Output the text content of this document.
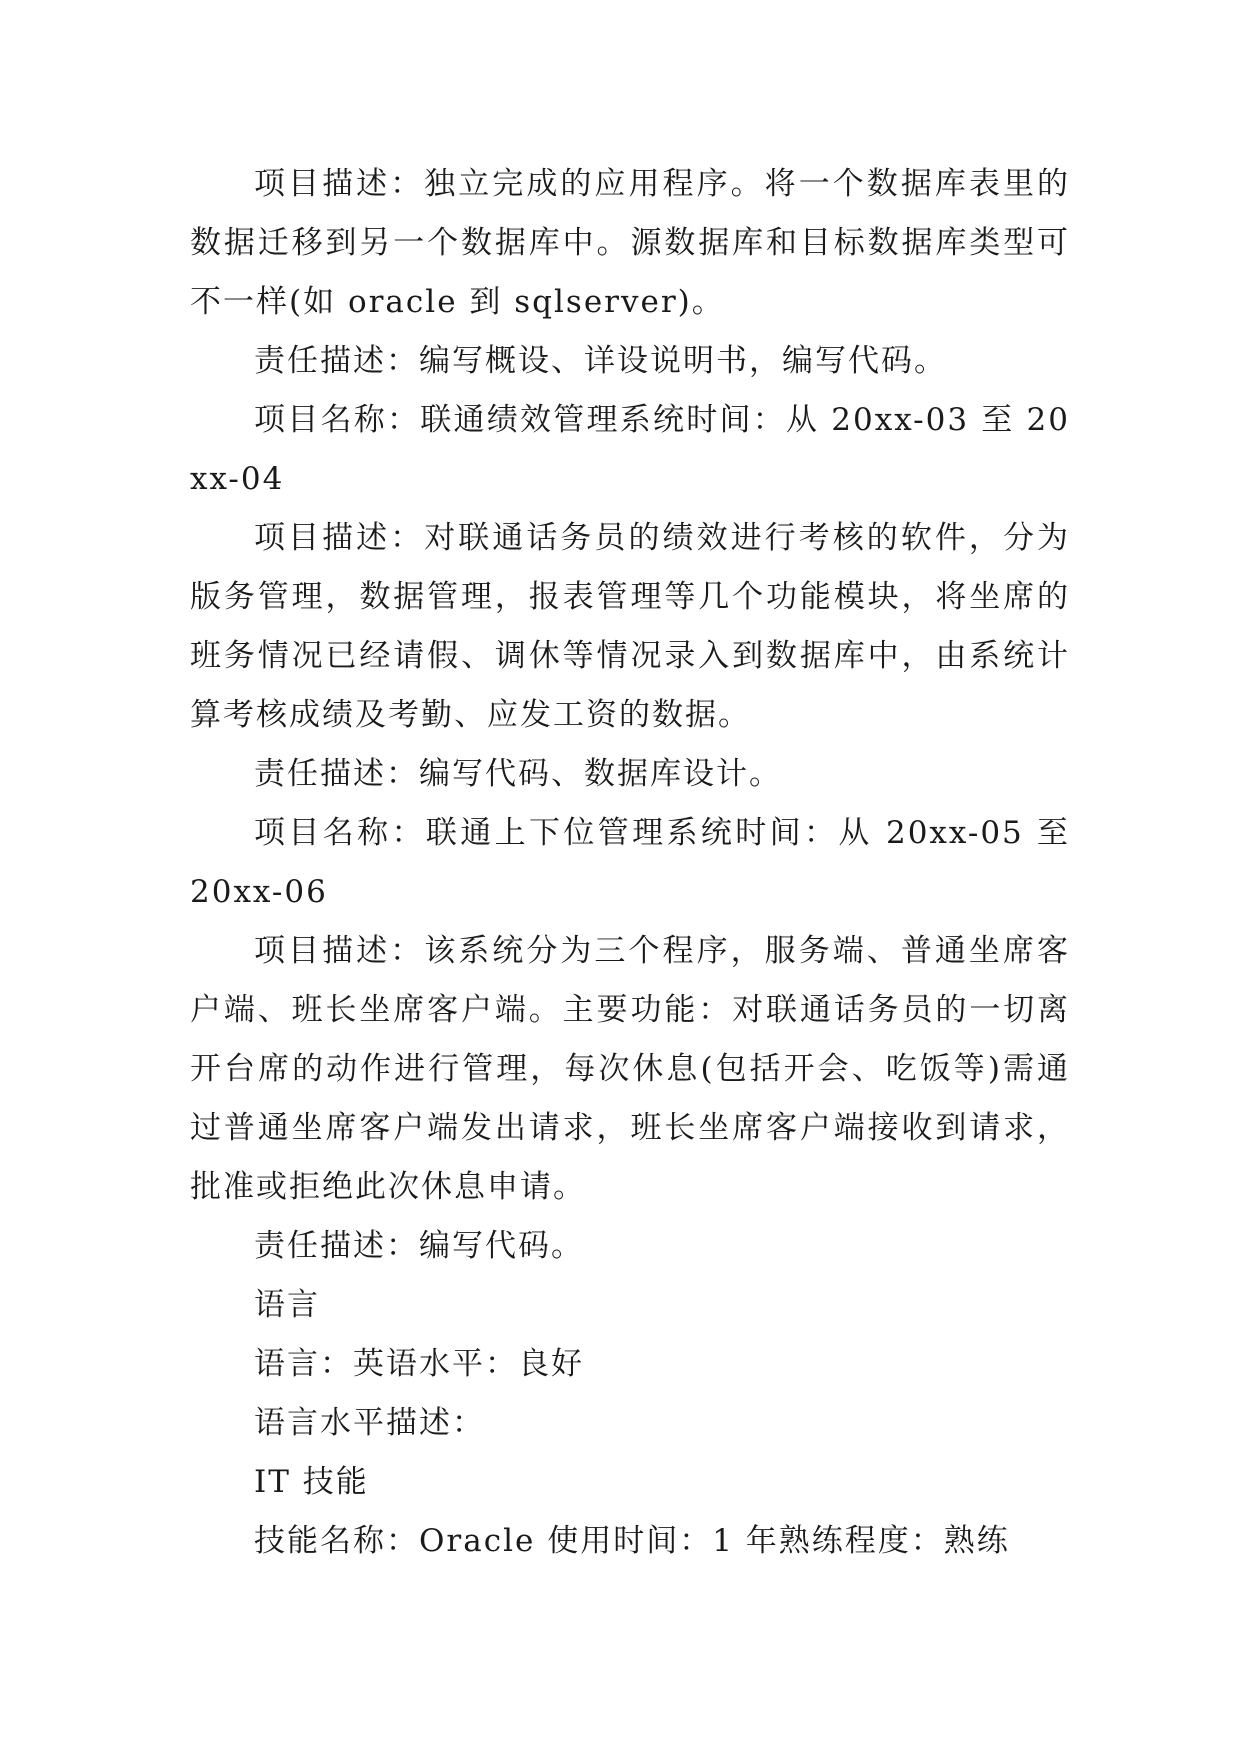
项目描述：独立完成的应用程序。将一个数据库表里的数据迁移到另一个数据库中。源数据库和目标数据库类型可不一样(如 oracle 到 sqlserver)。

责任描述：编写概设、详设说明书，编写代码。

项目名称：联通绩效管理系统时间：从 20xx-03 至 20xx-04

项目描述：对联通话务员的绩效进行考核的软件，分为版务管理，数据管理，报表管理等几个功能模块，将坐席的班务情况已经请假、调休等情况录入到数据库中，由系统计算考核成绩及考勤、应发工资的数据。

责任描述：编写代码、数据库设计。

项目名称：联通上下位管理系统时间：从 20xx-05 至 20xx-06

项目描述：该系统分为三个程序，服务端、普通坐席客户端、班长坐席客户端。主要功能：对联通话务员的一切离开台席的动作进行管理，每次休息(包括开会、吃饭等)需通过普通坐席客户端发出请求，班长坐席客户端接收到请求，批准或拒绝此次休息申请。

责任描述：编写代码。

语言

语言：英语水平：良好

语言水平描述：

IT 技能

技能名称：Oracle 使用时间：1 年熟练程度：熟练
